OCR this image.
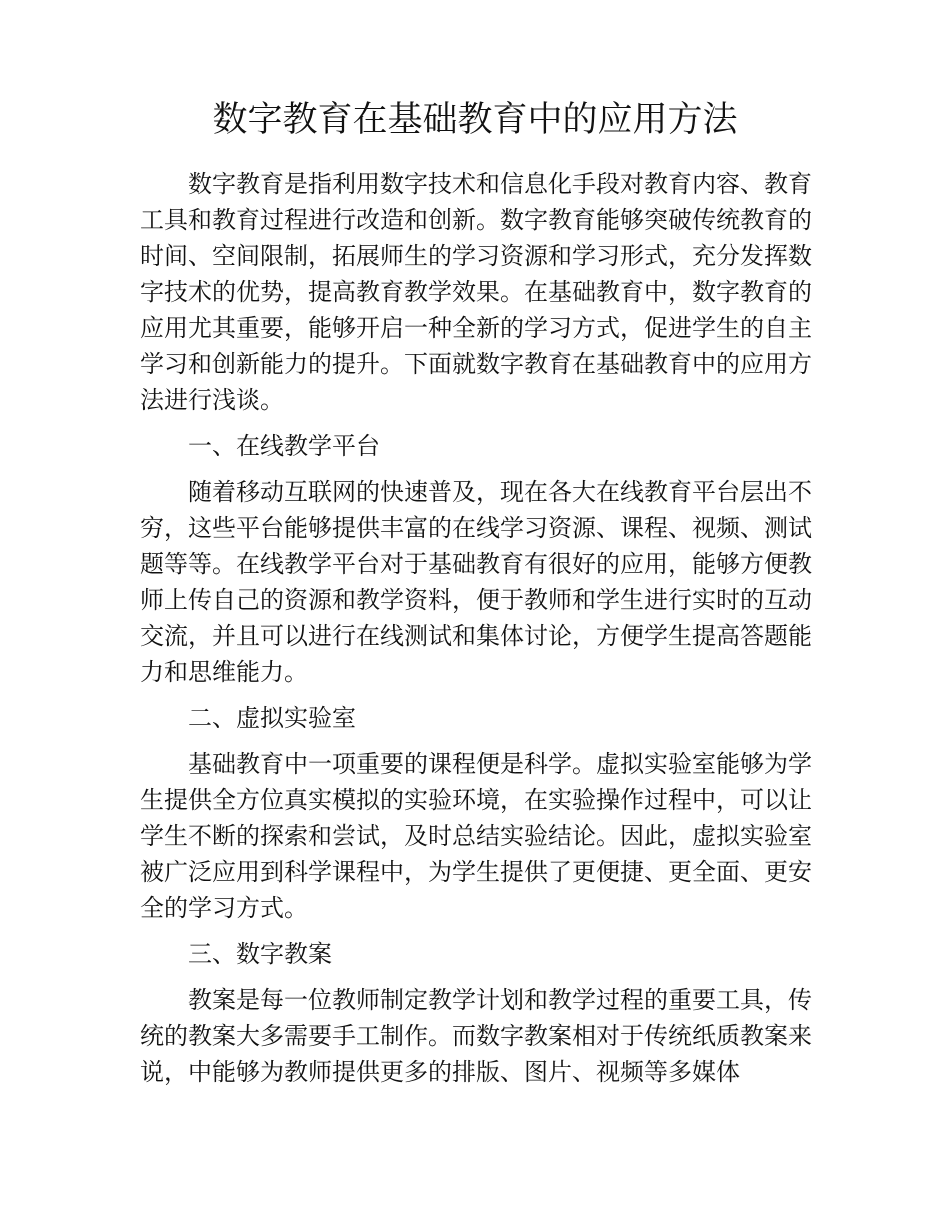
数字教育在基础教育中的应用方法

数字教育是指利用数字技术和信息化手段对教育内容、教育工具和教育过程进行改造和创新。数字教育能够突破传统教育的时间、空间限制，拓展师生的学习资源和学习形式，充分发挥数字技术的优势，提高教育教学效果。在基础教育中，数字教育的应用尤其重要，能够开启一种全新的学习方式，促进学生的自主学习和创新能力的提升。下面就数字教育在基础教育中的应用方法进行浅谈。

一、在线教学平台

随着移动互联网的快速普及，现在各大在线教育平台层出不穷，这些平台能够提供丰富的在线学习资源、课程、视频、测试题等等。在线教学平台对于基础教育有很好的应用，能够方便教师上传自己的资源和教学资料，便于教师和学生进行实时的互动交流，并且可以进行在线测试和集体讨论，方便学生提高答题能力和思维能力。

二、虚拟实验室

基础教育中一项重要的课程便是科学。虚拟实验室能够为学生提供全方位真实模拟的实验环境，在实验操作过程中，可以让学生不断的探索和尝试，及时总结实验结论。因此，虚拟实验室被广泛应用到科学课程中，为学生提供了更便捷、更全面、更安全的学习方式。

三、数字教案

教案是每一位教师制定教学计划和教学过程的重要工具，传统的教案大多需要手工制作。而数字教案相对于传统纸质教案来说，中能够为教师提供更多的排版、图片、视频等多媒体
